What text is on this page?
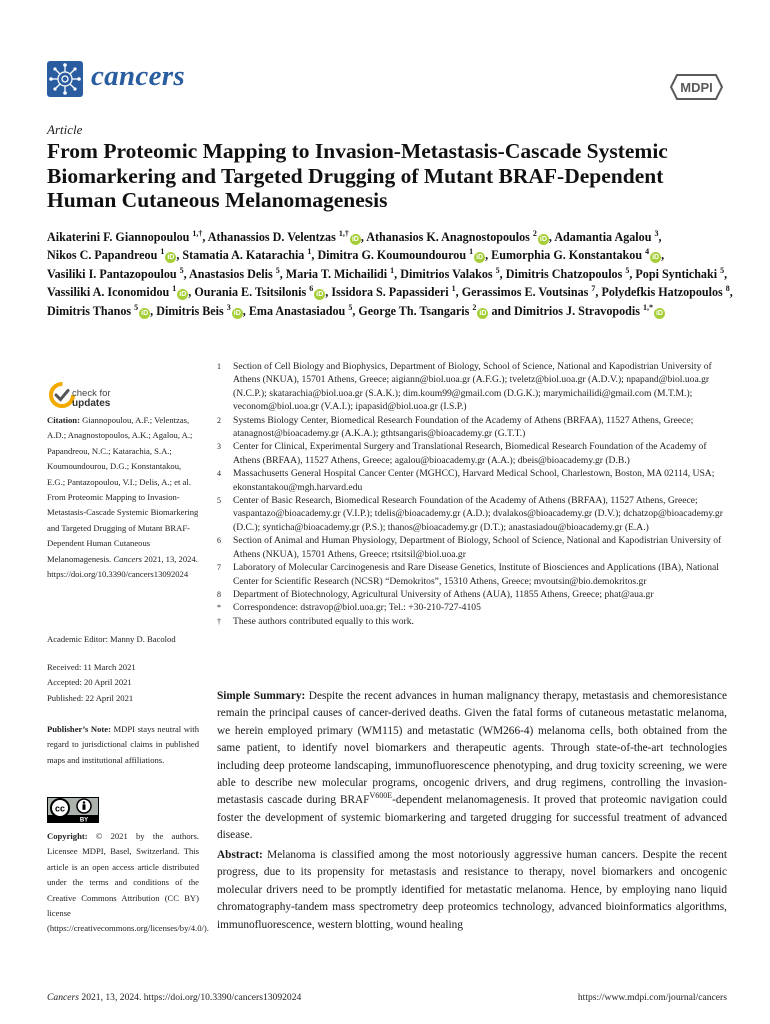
cancers	MDPI
Article
From Proteomic Mapping to Invasion-Metastasis-Cascade Systemic Biomarkering and Targeted Drugging of Mutant BRAF-Dependent Human Cutaneous Melanomagenesis
Aikaterini F. Giannopoulou $^{1,\dagger}$, Athanassios D. Velentzas $^{1,\dagger}$iD , Athanasios K. Anagnostopoulos $^2$iD , Adamantia Agalou $^3$, Nikos C. Papandreou $^1$iD , Stamatia A. Katarachia $^1$, Dimitra G. Koumoundourou $^1$iD , Eumorphia G. Konstantakou $^4$iD , Vasiliki I. Pantazopoulou $^5$, Anastasios Delis $^5$, Maria T. Michailidi $^1$, Dimitrios Valakos $^5$, Dimitris Chatzopoulos $^5$, Popi Syntichaki $^5$, Vassiliki A. Iconomidou $^1$iD , Ourania E. Tsitsilonis $^6$iD , Issidora S. Papassideri $^1$, Gerassimos E. Voutsinas $^7$, Polydefkis Hatzopoulos $^8$, Dimitris Thanos $^5$iD , Dimitris Beis $^3$iD , Ema Anastasiadou $^5$, George Th. Tsangaris $^2$iD and Dimitrios J. Stravopodis $^{1,*}$iD
check for
updates
Citation: Giannopoulou, A.F.; Velentzas, A.D.; Anagnostopoulos, A.K.; Agalou, A.; Papandreou, N.C.; Katarachia, S.A.; Koumoundourou, D.G.; Konstantakou, E.G.; Pantazopoulou, V.I.; Delis, A.; et al. From Proteomic Mapping to Invasion-Metastasis-Cascade Systemic Biomarkering and Targeted Drugging of Mutant BRAF-Dependent Human Cutaneous Melanomagenesis. Cancers 2021, 13, 2024. https://doi.org/10.3390/cancers13092024
Academic Editor: Manny D. Bacolod
Received: 11 March 2021
Accepted: 20 April 2021
Published: 22 April 2021
Publisher’s Note: MDPI stays neutral with regard to jurisdictional claims in published maps and institutional affiliations.
cc
BY
Copyright: © 2021 by the authors. Licensee MDPI, Basel, Switzerland. This article is an open access article distributed under the terms and conditions of the Creative Commons Attribution (CC BY) license (https://creativecommons.org/licenses/by/4.0/).
1	Section of Cell Biology and Biophysics, Department of Biology, School of Science, National and Kapodistrian University of Athens (NKUA), 15701 Athens, Greece; aigiann@biol.uoa.gr (A.F.G.); tveletz@biol.uoa.gr (A.D.V.); npapand@biol.uoa.gr (N.C.P.); skatarachia@biol.uoa.gr (S.A.K.); dim.koum99@gmail.com (D.G.K.); marymichailidi@gmail.com (M.T.M.); veconom@biol.uoa.gr (V.A.I.); ipapasid@biol.uoa.gr (I.S.P.)
2	Systems Biology Center, Biomedical Research Foundation of the Academy of Athens (BRFAA), 11527 Athens, Greece; atanagnost@bioacademy.gr (A.K.A.); gthtsangaris@bioacademy.gr (G.T.T.)
3	Center for Clinical, Experimental Surgery and Translational Research, Biomedical Research Foundation of the Academy of Athens (BRFAA), 11527 Athens, Greece; agalou@bioacademy.gr (A.A.); dbeis@bioacademy.gr (D.B.)
4	Massachusetts General Hospital Cancer Center (MGHCC), Harvard Medical School, Charlestown, Boston, MA 02114, USA; ekonstantakou@mgh.harvard.edu
5	Center of Basic Research, Biomedical Research Foundation of the Academy of Athens (BRFAA), 11527 Athens, Greece; vaspantazo@bioacademy.gr (V.I.P.); tdelis@bioacademy.gr (A.D.); dvalakos@bioacademy.gr (D.V.); dchatzop@bioacademy.gr (D.C.); synticha@bioacademy.gr (P.S.); thanos@bioacademy.gr (D.T.); anastasiadou@bioacademy.gr (E.A.)
6	Section of Animal and Human Physiology, Department of Biology, School of Science, National and Kapodistrian University of Athens (NKUA), 15701 Athens, Greece; rtsitsil@biol.uoa.gr
7	Laboratory of Molecular Carcinogenesis and Rare Disease Genetics, Institute of Biosciences and Applications (IBA), National Center for Scientific Research (NCSR) “Demokritos”, 15310 Athens, Greece; mvoutsin@bio.demokritos.gr
8	Department of Biotechnology, Agricultural University of Athens (AUA), 11855 Athens, Greece; phat@aua.gr
*	Correspondence: dstravop@biol.uoa.gr; Tel.: +30-210-727-4105
†	These authors contributed equally to this work.
Simple Summary: Despite the recent advances in human malignancy therapy, metastasis and chemoresistance remain the principal causes of cancer-derived deaths. Given the fatal forms of cutaneous metastatic melanoma, we herein employed primary (WM115) and metastatic (WM266-4) melanoma cells, both obtained from the same patient, to identify novel biomarkers and therapeutic agents. Through state-of-the-art technologies including deep proteome landscaping, immunofluorescence phenotyping, and drug toxicity screening, we were able to describe new molecular programs, oncogenic drivers, and drug regimens, controlling the invasion-metastasis cascade during $BRAF^{V600E}$-dependent melanomagenesis. It proved that proteomic navigation could foster the development of systemic biomarkering and targeted drugging for successful treatment of advanced disease.
Abstract: Melanoma is classified among the most notoriously aggressive human cancers. Despite the recent progress, due to its propensity for metastasis and resistance to therapy, novel biomarkers and oncogenic molecular drivers need to be promptly identified for metastatic melanoma. Hence, by employing nano liquid chromatography-tandem mass spectrometry deep proteomics technology, advanced bioinformatics algorithms, immunofluorescence, western blotting, wound healing
Cancers 2021, 13, 2024. https://doi.org/10.3390/cancers13092024	https://www.mdpi.com/journal/cancers
